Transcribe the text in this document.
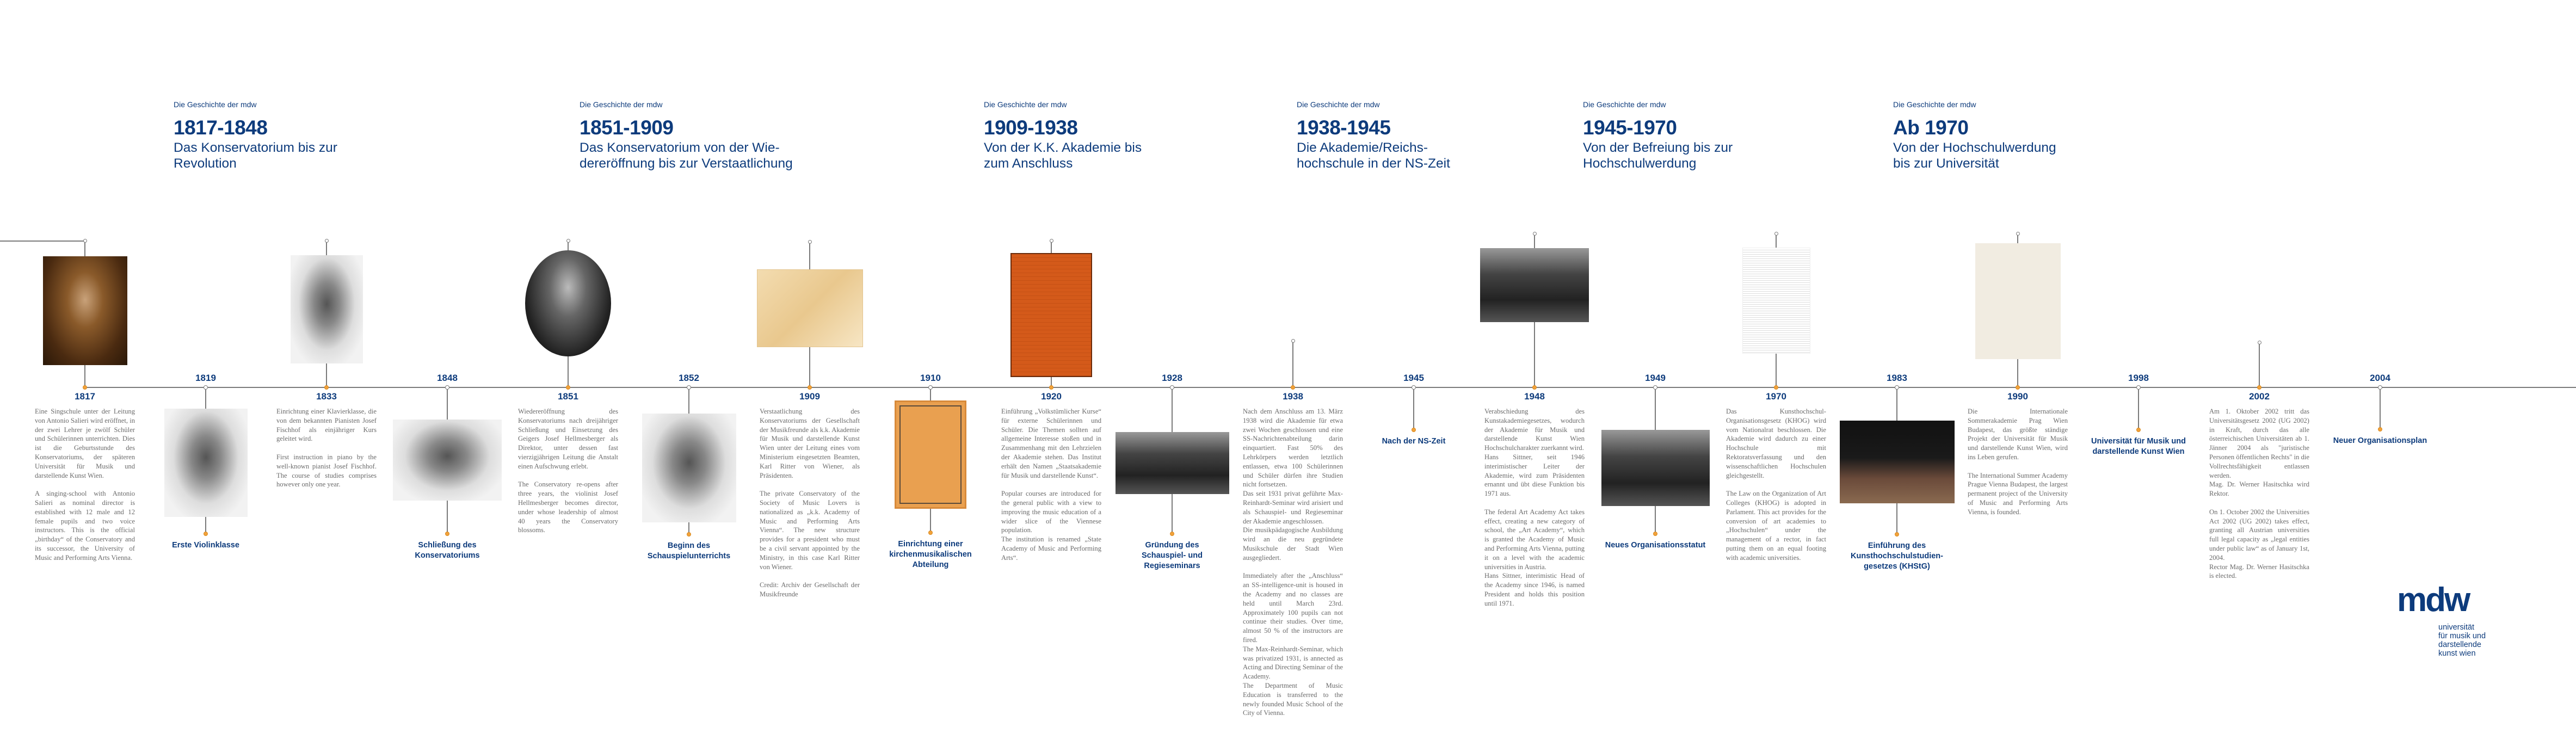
Die Geschichte der mdw
1817-1848
Das Konservatorium bis zur
Revolution
Die Geschichte der mdw
1851-1909
Das Konservatorium von der Wie-
dereröffnung bis zur Verstaatlichung
Die Geschichte der mdw
1909-1938
Von der K.K. Akademie bis
zum Anschluss
Die Geschichte der mdw
1938-1945
Die Akademie/Reichs-
hochschule in der NS-Zeit
Die Geschichte der mdw
1945-1970
Von der Befreiung bis zur
Hochschulwerdung
Die Geschichte der mdw
Ab 1970
Von der Hochschulwerdung
bis zur Universität

Eine Singschule unter der Leitung von Antonio Salieri wird eröffnet, in der zwei Lehrer je zwölf Schüler und Schülerinnen unterrichten. Dies ist die Geburtsstunde des Konservatoriums, der späteren Universität für Musik und darstellende Kunst Wien.

A singing-school with Antonio Salieri as nominal director is established with 12 male and 12 female pupils and two voice instructors. This is the official „birthday“ of the Conservatory and its successor, the University of Music and Performing Arts Vienna.

1817

Erste Violinklasse
1819

Einrichtung einer Klavierklasse, die von dem bekannten Pianisten Josef Fischhof als einjähriger Kurs geleitet wird.

First instruction in piano by the well-known pianist Josef Fischhof. The course of studies comprises however only one year.

1833

Schließung des
Konservatoriums
1848

Wiedereröffnung des Konservatoriums nach dreijähriger Schließung und Einsetzung des Geigers Josef Hellmesberger als Direktor, unter dessen fast vierzigjährigen Leitung die Anstalt einen Aufschwung erlebt.

The Conservatory re-opens after three years, the violinist Josef Hellmesberger becomes director, under whose leadership of almost 40 years the Conservatory blossoms.

1851

Beginn des
Schauspielunterrichts
1852

Verstaatlichung des Konservatoriums der Gesellschaft der Musikfreunde als k.k. Akademie für Musik und darstellende Kunst Wien unter der Leitung eines vom Ministerium eingesetzten Beamten, Karl Ritter von Wiener, als Präsidenten.

The private Conservatory of the Society of Music Lovers is nationalized as „k.k. Academy of Music and Performing Arts Vienna“. The new structure provides for a president who must be a civil servant appointed by the Ministry, in this case Karl Ritter von Wiener.

Credit: Archiv der Gesellschaft der Musikfreunde

1909

Einrichtung einer
kirchenmusikalischen
Abteilung
1910

Einführung „Volkstümlicher Kurse“ für externe Schülerinnen und Schüler. Die Themen sollten auf allgemeine Interesse stoßen und in Zusammenhang mit den Lehrzielen der Akademie stehen. Das Institut erhält den Namen „Staatsakademie für Musik und darstellende Kunst“.

Popular courses are introduced for the general public with a view to improving the music education of a wider slice of the Viennese population.
The institution is renamed „State Academy of Music and Performing Arts“.

1920

Gründung des
Schauspiel- und
Regieseminars
1928

Nach dem Anschluss am 13. März 1938 wird die Akademie für etwa zwei Wochen geschlossen und eine SS-Nachrichtenabteilung darin einquartiert. Fast 50% des Lehrkörpers werden letztlich entlassen, etwa 100 Schülerinnen und Schüler dürfen ihre Studien nicht fortsetzen.
Das seit 1931 privat geführte Max-Reinhardt-Seminar wird arisiert und als Schauspiel- und Regieseminar der Akademie angeschlossen.
Die musikpädagogische Ausbildung wird an die neu gegründete Musikschule der Stadt Wien ausgegliedert.

Immediately after the „Anschluss“ an SS-intelligence-unit is housed in the Academy and no classes are held until March 23rd. Approximately 100 pupils can not continue their studies. Over time, almost 50 % of the instructors are fired.
The Max-Reinhardt-Seminar, which was privatized 1931, is annected as Acting and Directing Seminar of the Academy.
The Department of Music Education is transferred to the newly founded Music School of the City of Vienna.

1938

Nach der NS-Zeit
1945

Verabschiedung des Kunstakademiegesetzes, wodurch der Akademie für Musik und darstellende Kunst Wien Hochschulcharakter zuerkannt wird.
Hans Sittner, seit 1946 interimistischer Leiter der Akademie, wird zum Präsidenten ernannt und übt diese Funktion bis 1971 aus.

The federal Art Academy Act takes effect, creating a new category of school, the „Art Academy“, which is granted the Academy of Music and Performing Arts Vienna, putting it on a level with the academic universities in Austria.
Hans Sittner, interimistic Head of the Academy since 1946, is named President and holds this position until 1971.

1948

Neues Organisationsstatut
1949

Das Kunsthochschul-Organisationsgesetz (KHOG) wird vom Nationalrat beschlossen. Die Akademie wird dadurch zu einer Hochschule mit Rektoratsverfassung und den wissenschaftlichen Hochschulen gleichgestellt.

The Law on the Organization of Art Colleges (KHOG) is adopted in Parlament. This act provides for the conversion of art academies to „Hochschulen“ under the management of a rector, in fact putting them on an equal footing with academic universities.

1970

Einführung des
Kunsthochschulstudien-
gesetzes (KHStG)
1983

Die Internationale Sommerakademie Prag Wien Budapest, das größte ständige Projekt der Universität für Musik und darstellende Kunst Wien, wird ins Leben gerufen.

The International Summer Academy Prague Vienna Budapest, the largest permanent project of the University of Music and Performing Arts Vienna, is founded.

1990

Universität für Musik und
darstellende Kunst Wien
1998

Am 1. Oktober 2002 tritt das Universitätsgesetz 2002 (UG 2002) in Kraft, durch das alle österreichischen Universitäten ab 1. Jänner 2004 als "juristische Personen öffentlichen Rechts" in die Vollrechtsfähigkeit entlassen werden.
Mag. Dr. Werner Hasitschka wird Rektor.

On 1. October 2002 the Universities Act 2002 (UG 2002) takes effect, granting all Austrian universities full legal capacity as „legal entities under public law“ as of January 1st, 2004.
Rector Mag. Dr. Werner Hasitschka is elected.

2002

Neuer Organisationsplan
2004
mdw
universität
für musik und
darstellende
kunst wien
